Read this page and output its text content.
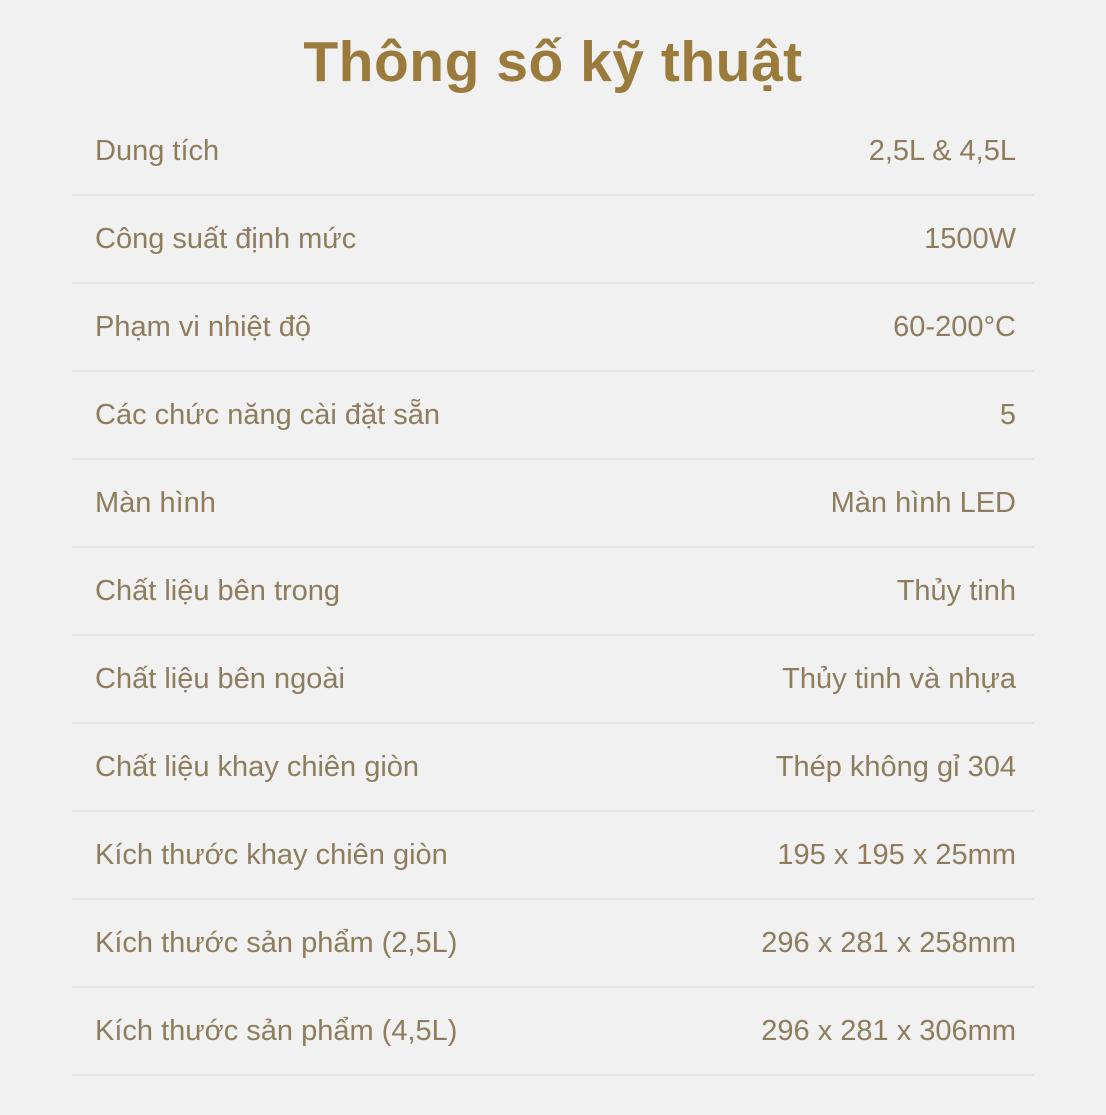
Thông số kỹ thuật
Dung tích	2,5L & 4,5L
Công suất định mức	1500W
Phạm vi nhiệt độ	60-200°C
Các chức năng cài đặt sẵn	5
Màn hình	Màn hình LED
Chất liệu bên trong	Thủy tinh
Chất liệu bên ngoài	Thủy tinh và nhựa
Chất liệu khay chiên giòn	Thép không gỉ 304
Kích thước khay chiên giòn	195 x 195 x 25mm
Kích thước sản phẩm (2,5L)	296 x 281 x 258mm
Kích thước sản phẩm (4,5L)	296 x 281 x 306mm
